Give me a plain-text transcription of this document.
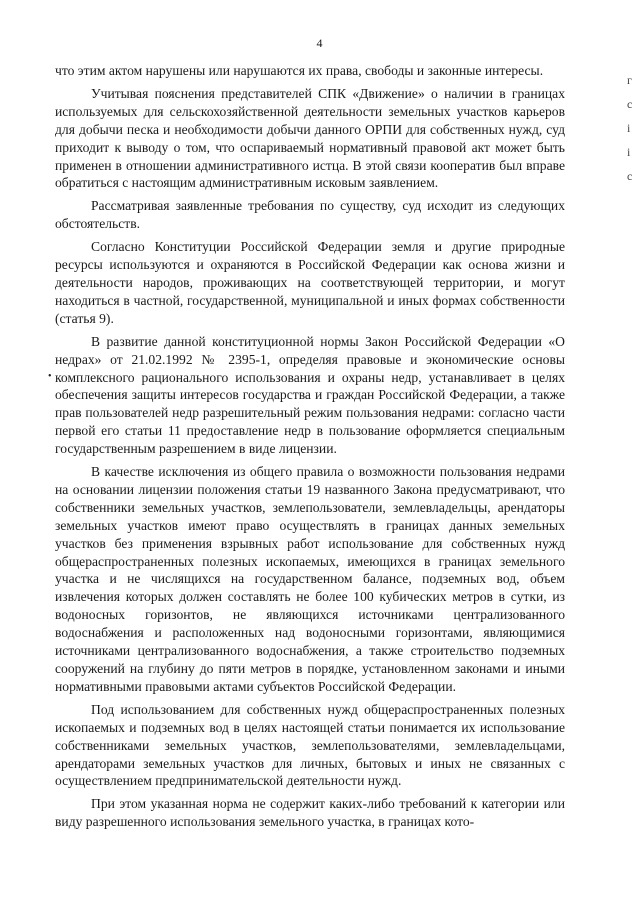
4

что этим актом нарушены или нарушаются их права, свободы и законные интересы.

Учитывая пояснения представителей СПК «Движение» о наличии в границах используемых для сельскохозяйственной деятельности земельных участков карьеров для добычи песка и необходимости добычи данного ОРПИ для собственных нужд, суд приходит к выводу о том, что оспариваемый нормативный правовой акт может быть применен в отношении административного истца. В этой связи кооператив был вправе обратиться с настоящим административным исковым заявлением.

Рассматривая заявленные требования по существу, суд исходит из следующих обстоятельств.

Согласно Конституции Российской Федерации земля и другие природные ресурсы используются и охраняются в Российской Федерации как основа жизни и деятельности народов, проживающих на соответствующей территории, и могут находиться в частной, государственной, муниципальной и иных формах собственности (статья 9).

В развитие данной конституционной нормы Закон Российской Федерации «О недрах» от 21.02.1992 № 2395-1, определяя правовые и экономические основы комплексного рационального использования и охраны недр, устанавливает в целях обеспечения защиты интересов государства и граждан Российской Федерации, а также прав пользователей недр разрешительный режим пользования недрами: согласно части первой его статьи 11 предоставление недр в пользование оформляется специальным государственным разрешением в виде лицензии.

В качестве исключения из общего правила о возможности пользования недрами на основании лицензии положения статьи 19 названного Закона предусматривают, что собственники земельных участков, землепользователи, землевладельцы, арендаторы земельных участков имеют право осуществлять в границах данных земельных участков без применения взрывных работ использование для собственных нужд общераспространенных полезных ископаемых, имеющихся в границах земельного участка и не числящихся на государственном балансе, подземных вод, объем извлечения которых должен составлять не более 100 кубических метров в сутки, из водоносных горизонтов, не являющихся источниками централизованного водоснабжения и расположенных над водоносными горизонтами, являющимися источниками централизованного водоснабжения, а также строительство подземных сооружений на глубину до пяти метров в порядке, установленном законами и иными нормативными правовыми актами субъектов Российской Федерации.

Под использованием для собственных нужд общераспространенных полезных ископаемых и подземных вод в целях настоящей статьи понимается их использование собственниками земельных участков, землепользователями, землевладельцами, арендаторами земельных участков для личных, бытовых и иных не связанных с осуществлением предпринимательской деятельности нужд.

При этом указанная норма не содержит каких-либо требований к категории или виду разрешенного использования земельного участка, в границах кото-

г
с
і
і
с
•
